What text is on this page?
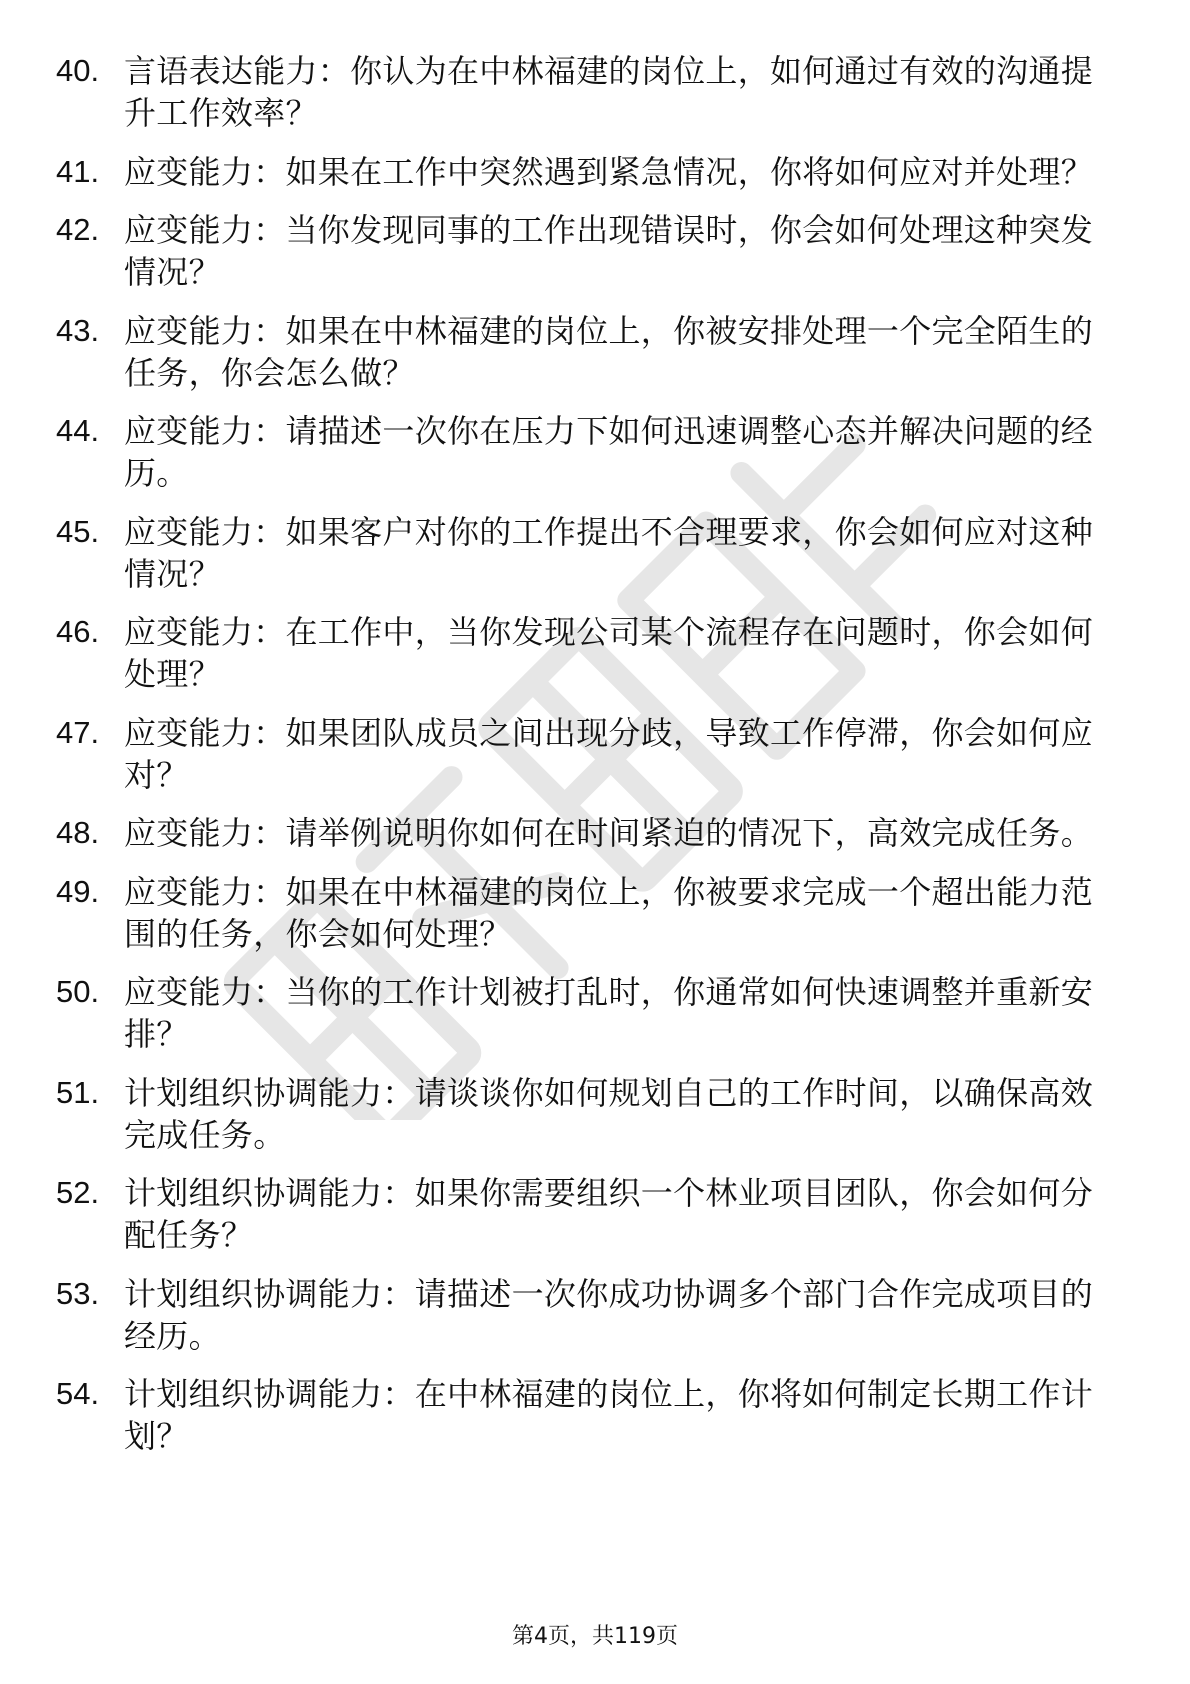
40. 言语表达能力：你认为在中林福建的岗位上，如何通过有效的沟通提升工作效率？
41. 应变能力：如果在工作中突然遇到紧急情况，你将如何应对并处理？
42. 应变能力：当你发现同事的工作出现错误时，你会如何处理这种突发情况？
43. 应变能力：如果在中林福建的岗位上，你被安排处理一个完全陌生的任务，你会怎么做？
44. 应变能力：请描述一次你在压力下如何迅速调整心态并解决问题的经历。
45. 应变能力：如果客户对你的工作提出不合理要求，你会如何应对这种情况？
46. 应变能力：在工作中，当你发现公司某个流程存在问题时，你会如何处理？
47. 应变能力：如果团队成员之间出现分歧，导致工作停滞，你会如何应对？
48. 应变能力：请举例说明你如何在时间紧迫的情况下，高效完成任务。
49. 应变能力：如果在中林福建的岗位上，你被要求完成一个超出能力范围的任务，你会如何处理？
50. 应变能力：当你的工作计划被打乱时，你通常如何快速调整并重新安排？
51. 计划组织协调能力：请谈谈你如何规划自己的工作时间，以确保高效完成任务。
52. 计划组织协调能力：如果你需要组织一个林业项目团队，你会如何分配任务？
53. 计划组织协调能力：请描述一次你成功协调多个部门合作完成项目的经历。
54. 计划组织协调能力：在中林福建的岗位上，你将如何制定长期工作计划？
第4页，共119页
